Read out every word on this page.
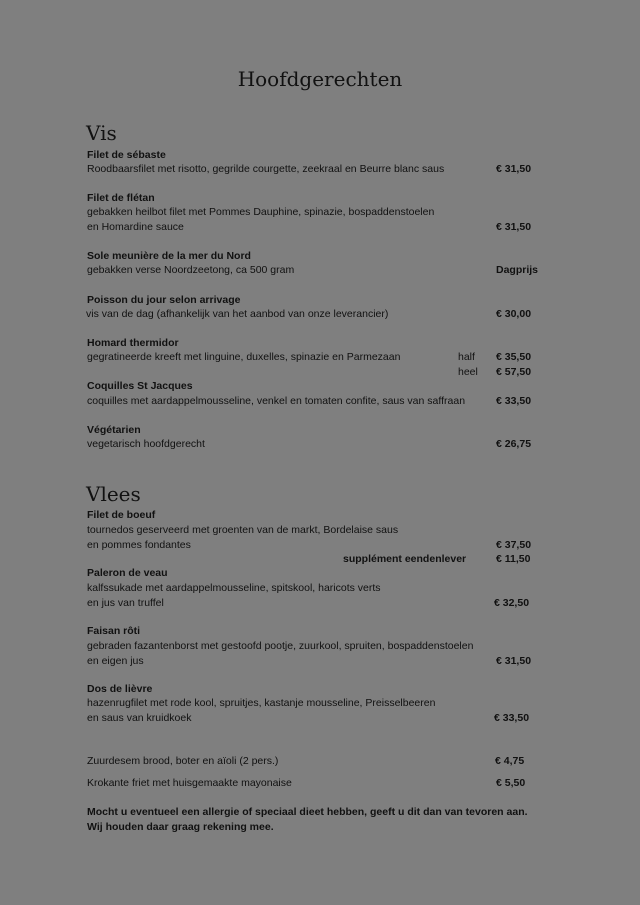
Hoofdgerechten
Vis
Filet de sébaste
Roodbaarsfilet met risotto, gegrilde courgette, zeekraal en Beurre blanc saus	€ 31,50
Filet de flétan
gebakken heilbot filet met Pommes Dauphine, spinazie, bospaddenstoelen
en Homardine sauce	€ 31,50
Sole meunière de la mer du Nord
gebakken verse Noordzeetong, ca 500 gram	Dagprijs
Poisson du jour selon arrivage
vis van de dag (afhankelijk van het aanbod van onze leverancier)	€ 30,00
Homard thermidor
gegratineerde kreeft met linguine, duxelles, spinazie en Parmezaan	half € 35,50
heel € 57,50
Coquilles St Jacques
coquilles met aardappelmousseline, venkel en tomaten confite, saus van saffraan	€ 33,50
Végétarien
vegetarisch hoofdgerecht	€ 26,75
Vlees
Filet de boeuf
tournedos geserveerd met groenten van de markt, Bordelaise saus
en pommes fondantes	€ 37,50
supplément eendenlever	€ 11,50
Paleron de veau
kalfssukade met aardappelmousseline, spitskool, haricots verts
en jus van truffel	€ 32,50
Faisan rôti
gebraden fazantenborst met gestoofd pootje, zuurkool, spruiten, bospaddenstoelen
en eigen jus	€ 31,50
Dos de lièvre
hazenrugfilet met rode kool, spruitjes, kastanje mousseline, Preisselbeeren
en saus van kruidkoek	€ 33,50
Zuurdesem brood, boter en aïoli (2 pers.)	€ 4,75
Krokante friet met huisgemaakte mayonaise	€ 5,50
Mocht u eventueel een allergie of speciaal dieet hebben, geeft u dit dan van tevoren aan.
Wij houden daar graag rekening mee.
